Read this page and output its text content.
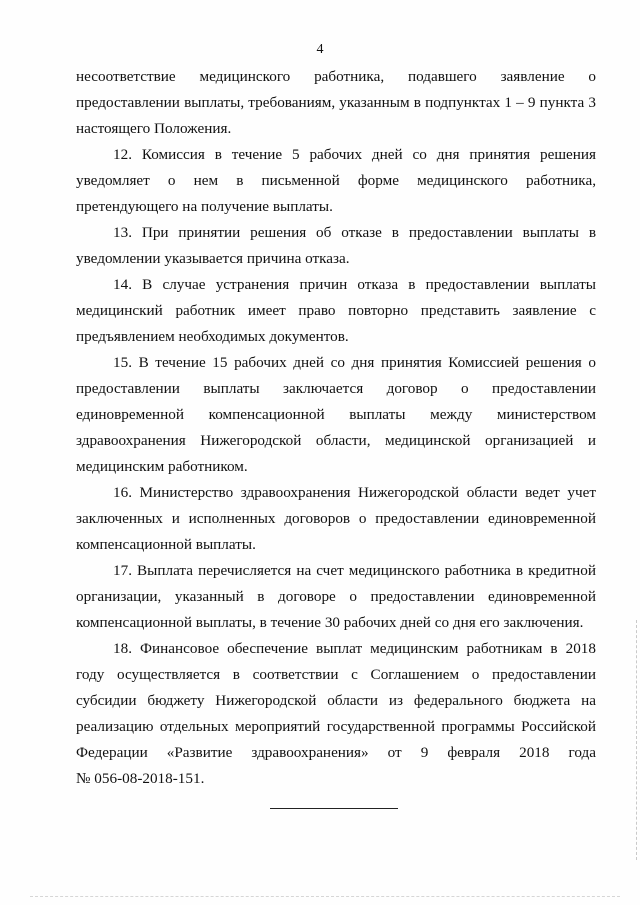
4

несоответствие медицинского работника, подавшего заявление о

предоставлении выплаты, требованиям, указанным в подпунктах 1 – 9 пункта 3

настоящего Положения.

12. Комиссия в течение 5 рабочих дней со дня принятия решения

уведомляет о нем в письменной форме медицинского работника,

претендующего на получение выплаты.

13. При принятии решения об отказе в предоставлении выплаты в

уведомлении указывается причина отказа.

14. В случае устранения причин отказа в предоставлении выплаты

медицинский работник имеет право повторно представить заявление с

предъявлением необходимых документов.

15. В течение 15 рабочих дней со дня принятия Комиссией решения о

предоставлении выплаты заключается договор о предоставлении

единовременной компенсационной выплаты между министерством

здравоохранения Нижегородской области, медицинской организацией и

медицинским работником.

16. Министерство здравоохранения Нижегородской области ведет учет

заключенных и исполненных договоров о предоставлении единовременной

компенсационной выплаты.

17. Выплата перечисляется на счет медицинского работника в кредитной

организации, указанный в договоре о предоставлении единовременной

компенсационной выплаты, в течение 30 рабочих дней со дня его заключения.

18. Финансовое обеспечение выплат медицинским работникам в 2018

году осуществляется в соответствии с Соглашением о предоставлении

субсидии бюджету Нижегородской области из федерального бюджета на

реализацию отдельных мероприятий государственной программы Российской

Федерации «Развитие здравоохранения» от 9 февраля 2018 года

№ 056-08-2018-151.
